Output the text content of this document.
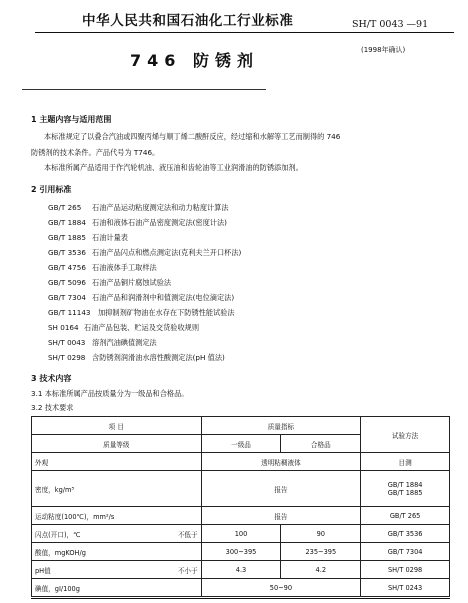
中华人民共和国石油化工行业标准	SH/T 0043 —91
746 防锈剂
(1998年确认)
1 主题内容与适用范围
本标准规定了以叠合汽油或四聚丙烯与顺丁烯二酸酐反应，经过缩和水解等工艺而制得的 746
防锈剂的技术条件。产品代号为 T746。
本标准所属产品适用于作汽轮机油、液压油和齿轮油等工业润滑油的防锈添加剂。
2 引用标准
GB/T 265 石油产品运动粘度测定法和动力粘度计算法
GB/T 1884 石油和液体石油产品密度测定法(密度计法)
GB/T 1885 石油计量表
GB/T 3536 石油产品闪点和燃点测定法(克利夫兰开口杯法)
GB/T 4756 石油液体手工取样法
GB/T 5096 石油产品铜片腐蚀试验法
GB/T 7304 石油产品和润滑剂中和值测定法(电位滴定法)
GB/T 11143 加抑制剂矿物油在水存在下防锈性能试验法
SH 0164 石油产品包装、贮运及交货验收规则
SH/T 0043 溶剂汽油碘值测定法
SH/T 0298 含防锈剂润滑油水溶性酸测定法(pH 值法)
3 技术内容
3.1 本标准所属产品按质量分为一级品和合格品。
3.2 技术要求
项 目	质量指标		试验方法
质量等级	一级品	合格品	
外观	透明粘稠液体		目测
密度，kg/m³	报告		GB/T 1884
GB/T 1885
运动粘度(100℃)，mm²/s	报告		GB/T 265

闪点(开口)，℃ 不低于	100	90	GB/T 3536
酸值，mgKOH/g	300~395	235~395	GB/T 7304

pH值 不小于	4.3	4.2	SH/T 0298
碘值，gI/100g	50~90		SH/T 0243
